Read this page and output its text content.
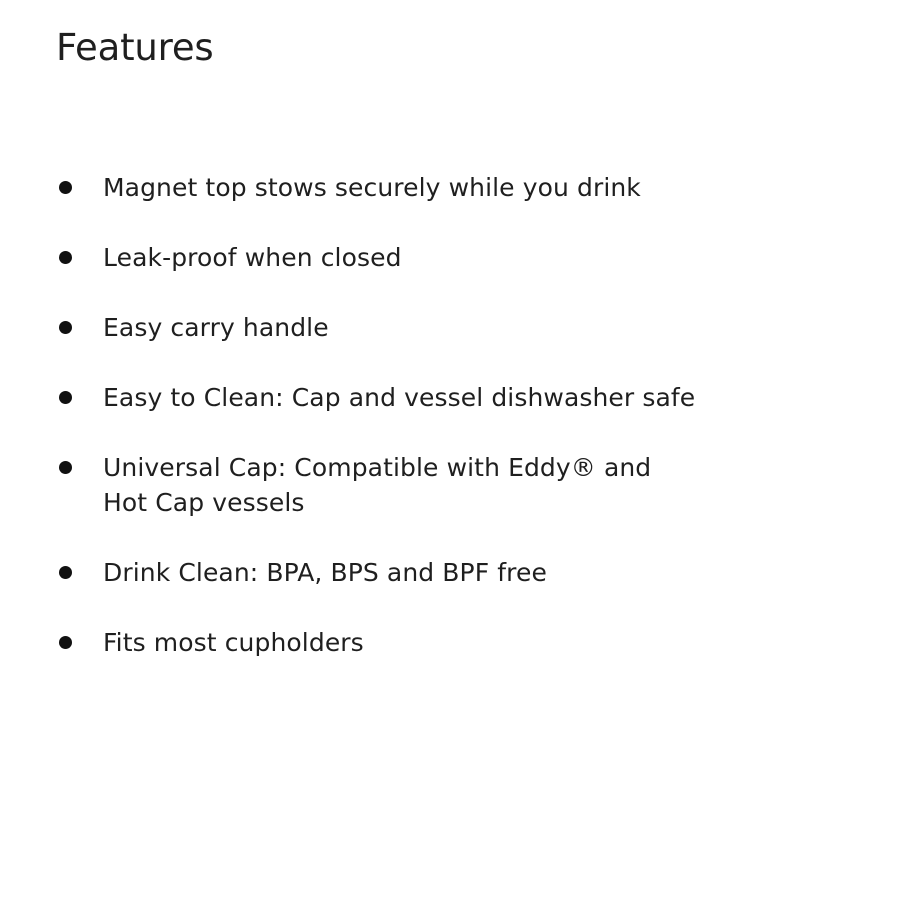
Features
Magnet top stows securely while you drink
Leak-proof when closed
Easy carry handle
Easy to Clean: Cap and vessel dishwasher safe
Universal Cap: Compatible with Eddy® and
Hot Cap vessels
Drink Clean: BPA, BPS and BPF free
Fits most cupholders
